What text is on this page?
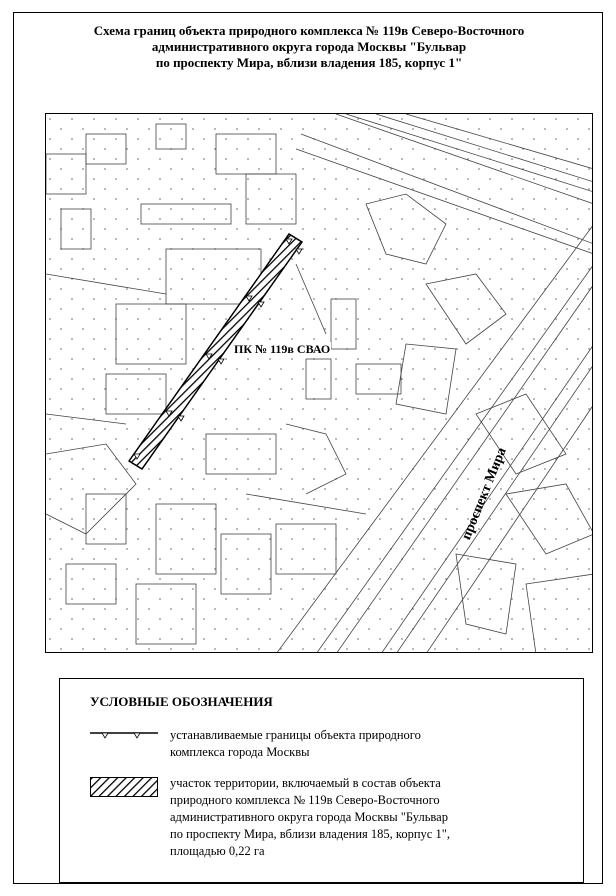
Схема границ объекта природного комплекса № 119в Северо-Восточного
административного округа города Москвы "Бульвар
по проспекту Мира, вблизи владения 185, корпус 1"
ПК № 119в СВАО
проспект Мира
УСЛОВНЫЕ ОБОЗНАЧЕНИЯ
устанавливаемые границы объекта природного
комплекса города Москвы
участок территории, включаемый в состав объекта
природного комплекса № 119в Северо-Восточного
административного округа города Москвы "Бульвар
по проспекту Мира, вблизи владения 185, корпус 1",
площадью 0,22 га
